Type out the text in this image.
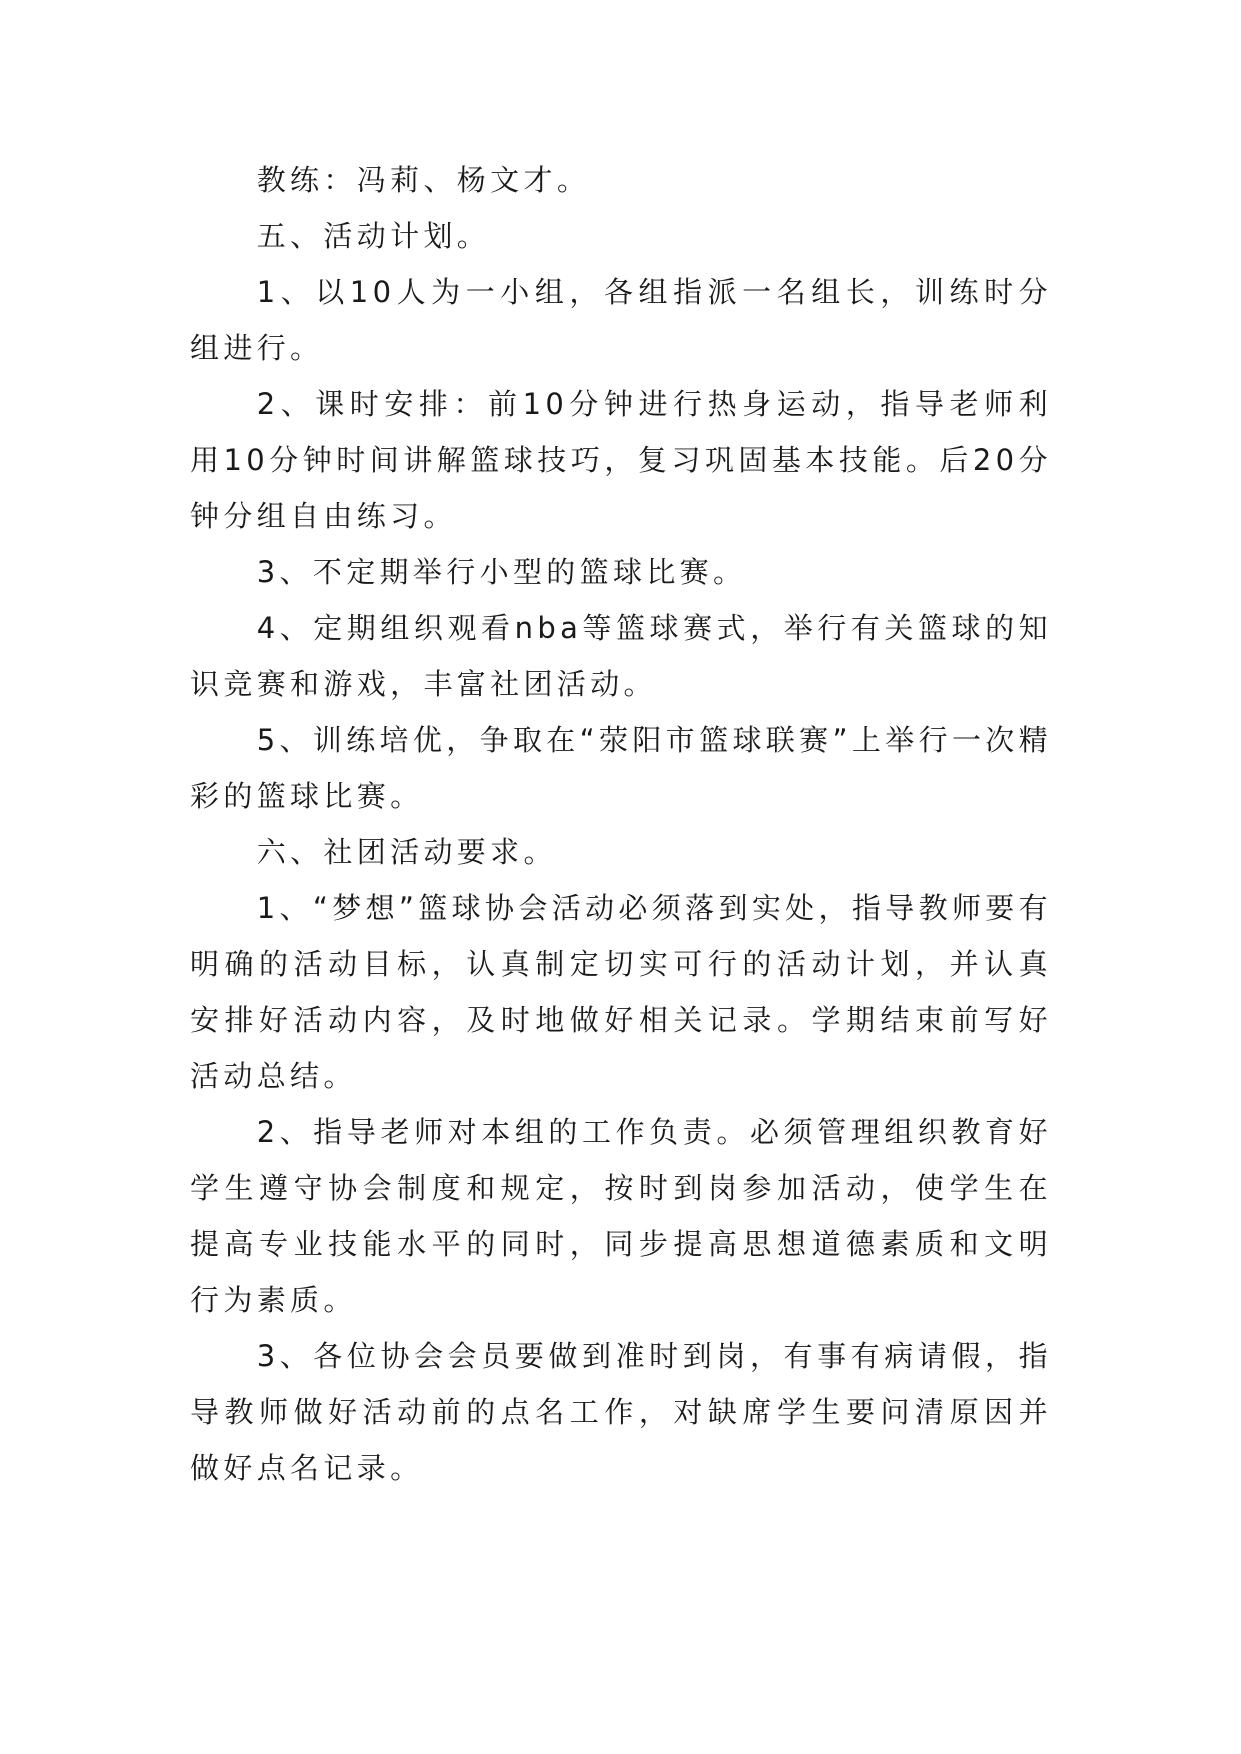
教练：冯莉、杨文才。

五、活动计划。

1、以10人为一小组，各组指派一名组长，训练时分组进行。

2、课时安排：前10分钟进行热身运动，指导老师利用10分钟时间讲解篮球技巧，复习巩固基本技能。后20分钟分组自由练习。

3、不定期举行小型的篮球比赛。

4、定期组织观看nba等篮球赛式，举行有关篮球的知识竞赛和游戏，丰富社团活动。

5、训练培优，争取在“荥阳市篮球联赛”上举行一次精彩的篮球比赛。

六、社团活动要求。

1、“梦想”篮球协会活动必须落到实处，指导教师要有明确的活动目标，认真制定切实可行的活动计划，并认真安排好活动内容，及时地做好相关记录。学期结束前写好活动总结。

2、指导老师对本组的工作负责。必须管理组织教育好学生遵守协会制度和规定，按时到岗参加活动，使学生在提高专业技能水平的同时，同步提高思想道德素质和文明行为素质。

3、各位协会会员要做到准时到岗，有事有病请假，指导教师做好活动前的点名工作，对缺席学生要问清原因并做好点名记录。
